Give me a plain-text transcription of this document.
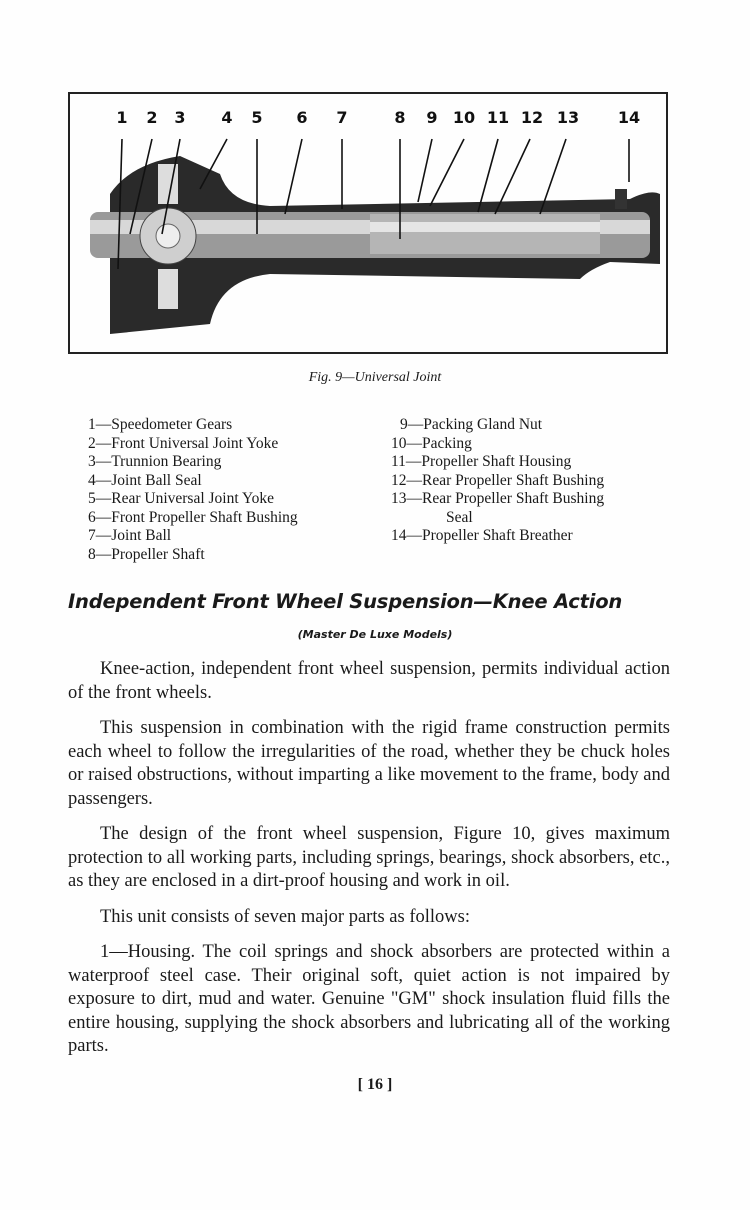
1 2 3 4 5 6 7	8 9 10 11 12 13 14
Fig. 9—Universal Joint
1—Speedometer Gears
2—Front Universal Joint Yoke
3—Trunnion Bearing
4—Joint Ball Seal
5—Rear Universal Joint Yoke
6—Front Propeller Shaft Bushing
7—Joint Ball
8—Propeller Shaft
9—Packing Gland Nut
10—Packing
11—Propeller Shaft Housing
12—Rear Propeller Shaft Bushing
13—Rear Propeller Shaft Bushing
Seal
14—Propeller Shaft Breather
Independent Front Wheel Suspension—Knee Action
(Master De Luxe Models)

Knee-action, independent front wheel suspension, permits individual action of the front wheels.

This suspension in combination with the rigid frame construction permits each wheel to follow the irregularities of the road, whether they be chuck holes or raised obstructions, without imparting a like movement to the frame, body and passengers.

The design of the front wheel suspension, Figure 10, gives maximum protection to all working parts, including springs, bearings, shock absorbers, etc., as they are enclosed in a dirt-proof housing and work in oil.

This unit consists of seven major parts as follows:

1—Housing. The coil springs and shock absorbers are protected within a waterproof steel case. Their original soft, quiet action is not impaired by exposure to dirt, mud and water. Genuine "GM" shock insulation fluid fills the entire housing, supplying the shock absorbers and lubricating all of the working parts.

[ 16 ]
